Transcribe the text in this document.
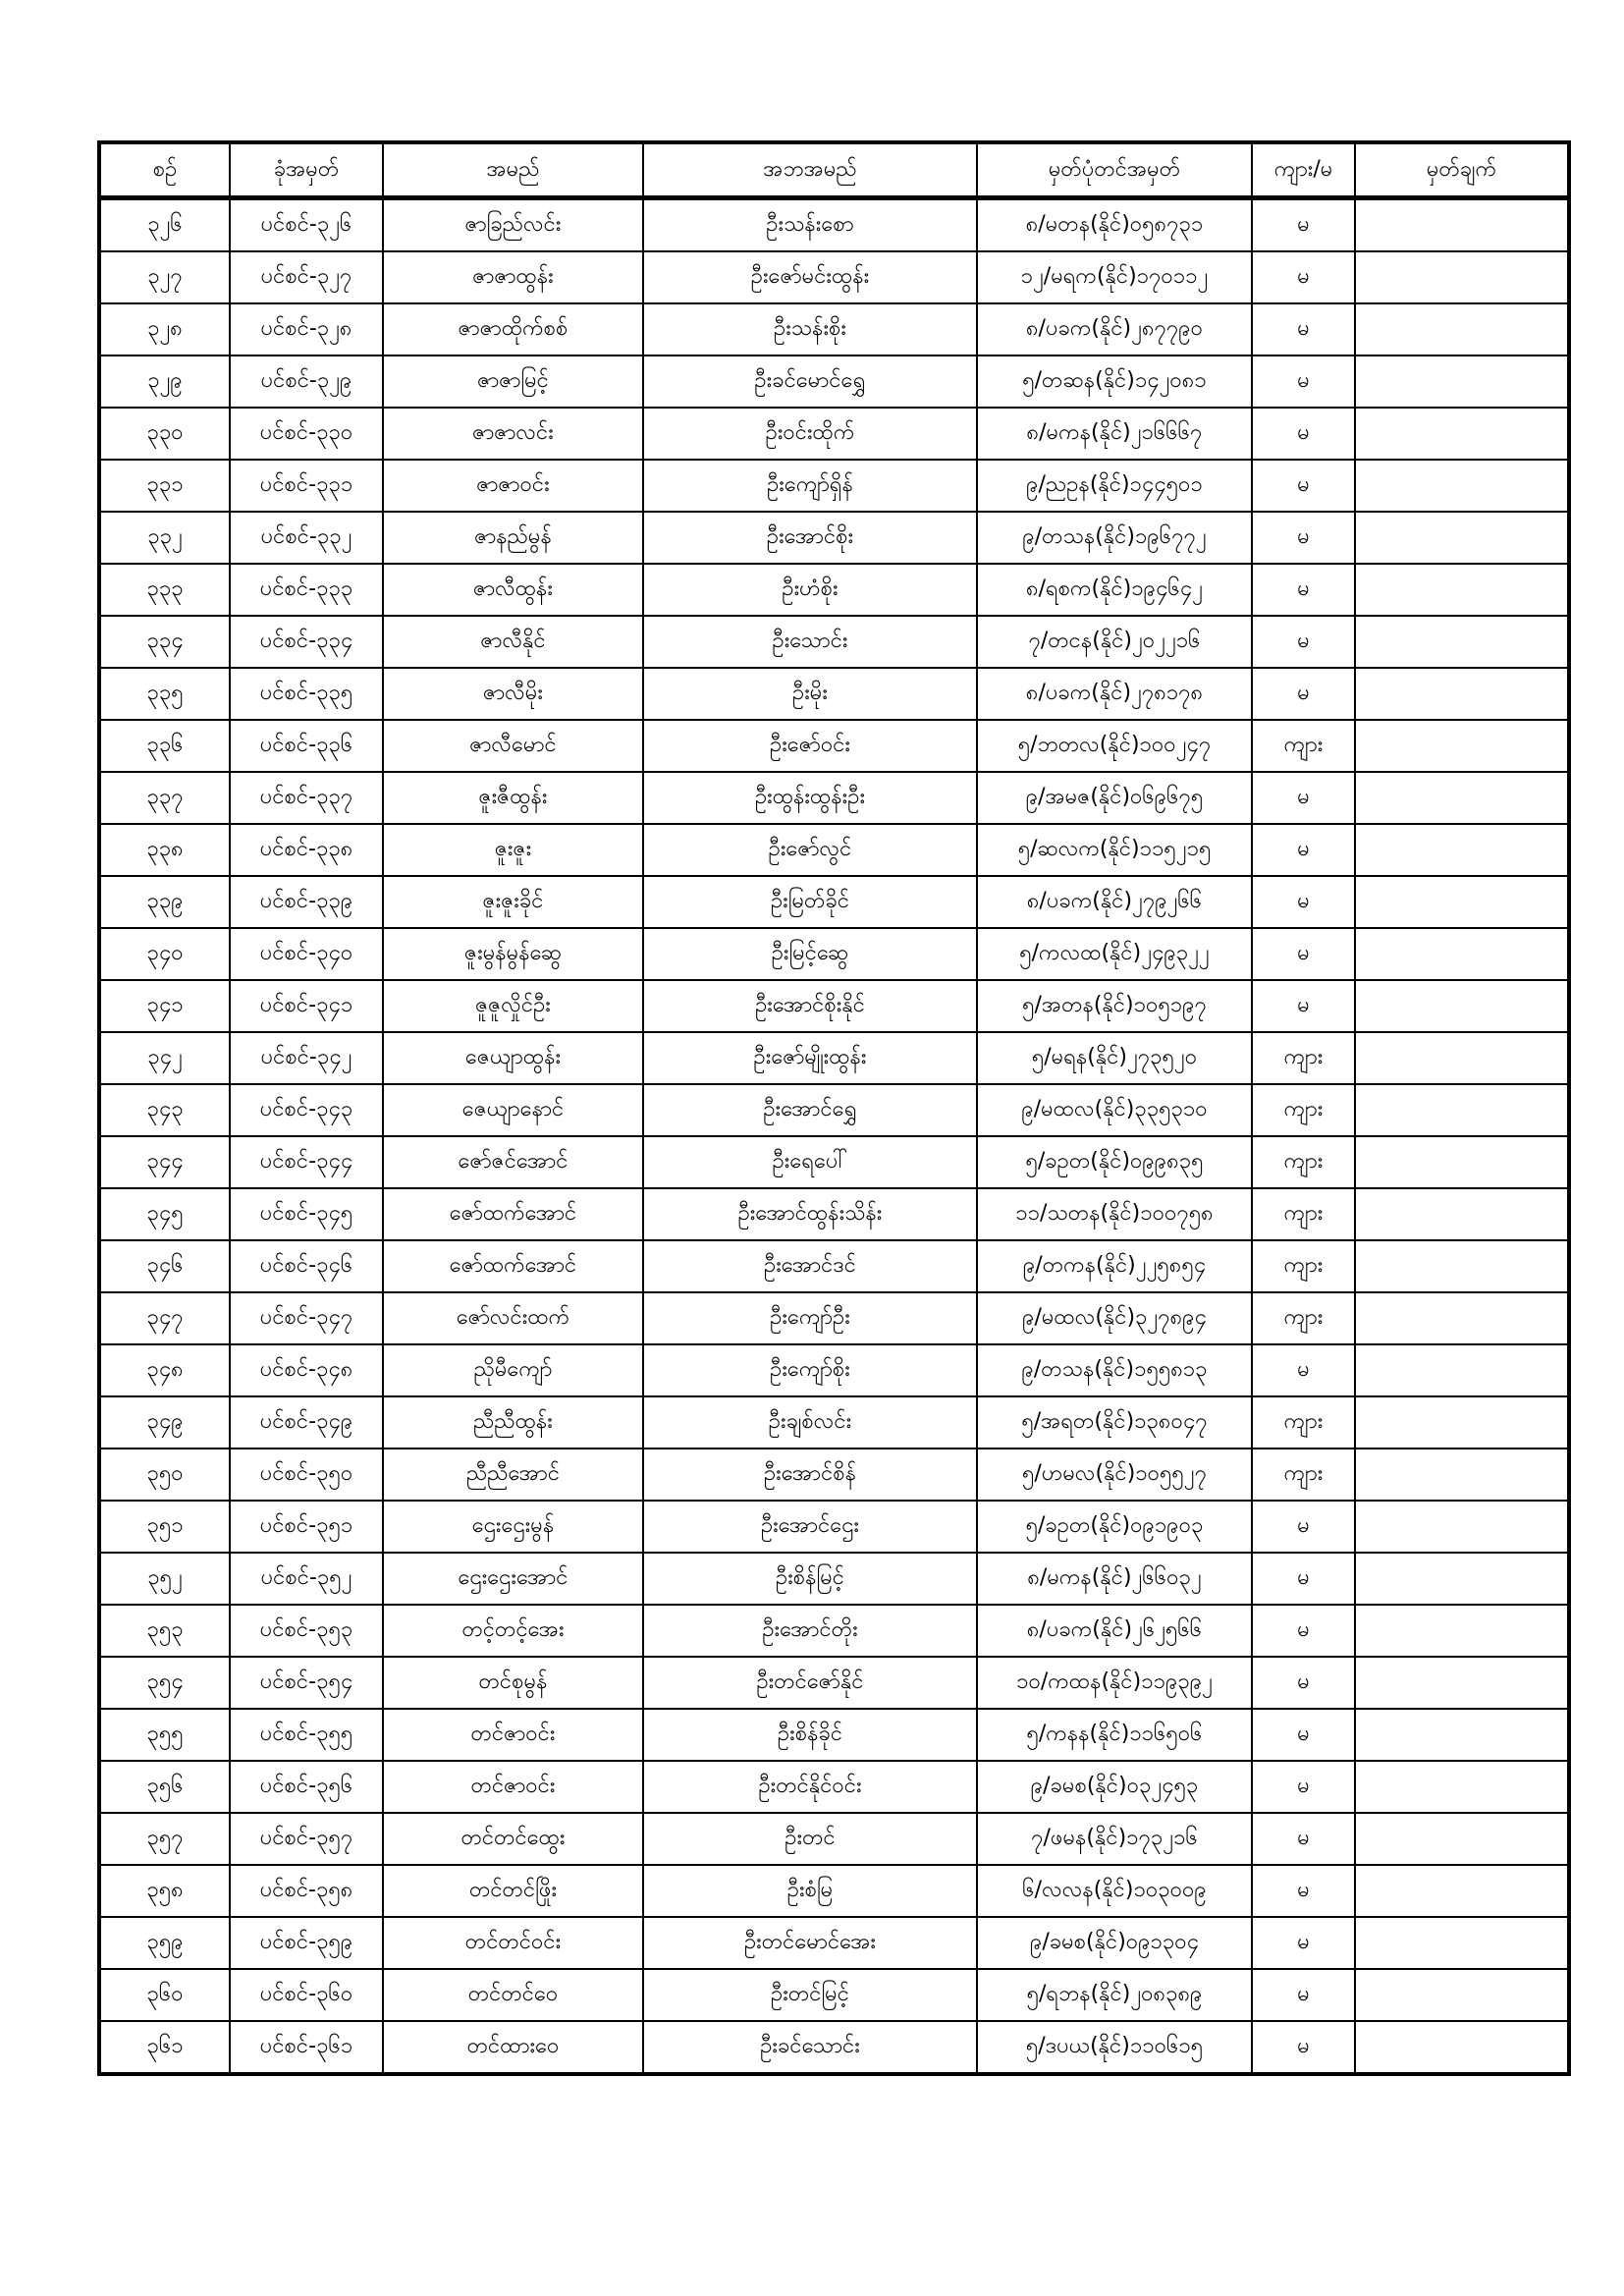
စဉ်	ခုံအမှတ်	အမည်	အဘအမည်	မှတ်ပုံတင်အမှတ်	ကျား/မ	မှတ်ချက်
၃၂၆	ပင်စင်-၃၂၆	ဇာခြည်လင်း	ဦးသန်းစော	၈/မတန(နိုင်)၀၅၈၇၃၁	မ	
၃၂၇	ပင်စင်-၃၂၇	ဇာဇာထွန်း	ဦးဇော်မင်းထွန်း	၁၂/မရက(နိုင်)၁၇၀၁၁၂	မ	
၃၂၈	ပင်စင်-၃၂၈	ဇာဇာထိုက်စစ်	ဦးသန်းစိုး	၈/ပခက(နိုင်)၂၈၇၇၉၀	မ	
၃၂၉	ပင်စင်-၃၂၉	ဇာဇာမြင့်	ဦးခင်မောင်ရွှေ	၅/တဆန(နိုင်)၁၄၂၀၈၁	မ	
၃၃၀	ပင်စင်-၃၃၀	ဇာဇာလင်း	ဦးဝင်းထိုက်	၈/မကန(နိုင်)၂၁၆၆၆၇	မ	
၃၃၁	ပင်စင်-၃၃၁	ဇာဇာဝင်း	ဦးကျော်ရှိန်	၉/ညဥန(နိုင်)၁၄၄၅၀၁	မ	
၃၃၂	ပင်စင်-၃၃၂	ဇာနည်မွန်	ဦးအောင်စိုး	၉/တသန(နိုင်)၁၉၆၇၇၂	မ	
၃၃၃	ပင်စင်-၃၃၃	ဇာလီထွန်း	ဦးဟံစိုး	၈/ရစက(နိုင်)၁၉၄၆၄၂	မ	
၃၃၄	ပင်စင်-၃၃၄	ဇာလီနိုင်	ဦးသောင်း	၇/တငန(နိုင်)၂၀၂၂၁၆	မ	
၃၃၅	ပင်စင်-၃၃၅	ဇာလီမိုး	ဦးမိုး	၈/ပခက(နိုင်)၂၇၈၁၇၈	မ	
၃၃၆	ပင်စင်-၃၃၆	ဇာလီမောင်	ဦးဇော်ဝင်း	၅/ဘတလ(နိုင်)၁၀၀၂၄၇	ကျား	
၃၃၇	ပင်စင်-၃၃၇	ဇူးဇီထွန်း	ဦးထွန်းထွန်းဦး	၉/အမဇ(နိုင်)၀၆၉၆၇၅	မ	
၃၃၈	ပင်စင်-၃၃၈	ဇူးဇူး	ဦးဇော်လွင်	၅/ဆလက(နိုင်)၁၁၅၂၁၅	မ	
၃၃၉	ပင်စင်-၃၃၉	ဇူးဇူးခိုင်	ဦးမြတ်ခိုင်	၈/ပခက(နိုင်)၂၇၉၂၆၆	မ	
၃၄၀	ပင်စင်-၃၄၀	ဇူးမွန်မွန်ဆွေ	ဦးမြင့်ဆွေ	၅/ကလထ(နိုင်)၂၄၉၃၂၂	မ	
၃၄၁	ပင်စင်-၃၄၁	ဇူဇူလှိုင်ဦး	ဦးအောင်စိုးနိုင်	၅/အတန(နိုင်)၁၀၅၁၉၇	မ	
၃၄၂	ပင်စင်-၃၄၂	ဇေယျာထွန်း	ဦးဇော်မျိုးထွန်း	၅/မရန(နိုင်)၂၇၃၅၂၀	ကျား	
၃၄၃	ပင်စင်-၃၄၃	ဇေယျာနောင်	ဦးအောင်ရွှေ	၉/မထလ(နိုင်)၃၃၅၃၁၀	ကျား	
၃၄၄	ပင်စင်-၃၄၄	ဇော်ဇင်အောင်	ဦးရေပေါ်	၅/ခဥတ(နိုင်)၀၉၉၈၃၅	ကျား	
၃၄၅	ပင်စင်-၃၄၅	ဇော်ထက်အောင်	ဦးအောင်ထွန်းသိန်း	၁၁/သတန(နိုင်)၁၀၀၇၅၈	ကျား	
၃၄၆	ပင်စင်-၃၄၆	ဇော်ထက်အောင်	ဦးအောင်ဒင်	၉/တကန(နိုင်)၂၂၅၈၅၄	ကျား	
၃၄၇	ပင်စင်-၃၄၇	ဇော်လင်းထက်	ဦးကျော်ဦး	၉/မထလ(နိုင်)၃၂၇၈၉၄	ကျား	
၃၄၈	ပင်စင်-၃၄၈	ညိုမီကျော်	ဦးကျော်စိုး	၉/တသန(နိုင်)၁၅၅၈၁၃	မ	
၃၄၉	ပင်စင်-၃၄၉	ညီညီထွန်း	ဦးချစ်လင်း	၅/အရတ(နိုင်)၁၃၈၀၄၇	ကျား	
၃၅၀	ပင်စင်-၃၅၀	ညီညီအောင်	ဦးအောင်စိန်	၅/ဟမလ(နိုင်)၁၀၅၅၂၇	ကျား	
၃၅၁	ပင်စင်-၃၅၁	ဌေးဌေးမွန်	ဦးအောင်ဌေး	၅/ခဥတ(နိုင်)၀၉၁၉၀၃	မ	
၃၅၂	ပင်စင်-၃၅၂	ဌေးဌေးအောင်	ဦးစိန်မြင့်	၈/မကန(နိုင်)၂၆၆၀၃၂	မ	
၃၅၃	ပင်စင်-၃၅၃	တင့်တင့်အေး	ဦးအောင်တိုး	၈/ပခက(နိုင်)၂၆၂၅၆၆	မ	
၃၅၄	ပင်စင်-၃၅၄	တင်စုမွန်	ဦးတင်ဇော်နိုင်	၁၀/ကထန(နိုင်)၁၁၉၃၉၂	မ	
၃၅၅	ပင်စင်-၃၅၅	တင်ဇာဝင်း	ဦးစိန်ခိုင်	၅/ကနန(နိုင်)၁၁၆၅၀၆	မ	
၃၅၆	ပင်စင်-၃၅၆	တင်ဇာဝင်း	ဦးတင်နိုင်ဝင်း	၉/ခမစ(နိုင်)၀၃၂၄၅၃	မ	
၃၅၇	ပင်စင်-၃၅၇	တင်တင်ထွေး	ဦးတင်	၇/ဖမန(နိုင်)၁၇၃၂၁၆	မ	
၃၅၈	ပင်စင်-၃၅၈	တင်တင်ဖြိုး	ဦးစံမြ	၆/လလန(နိုင်)၁၀၃၀၀၉	မ	
၃၅၉	ပင်စင်-၃၅၉	တင်တင်ဝင်း	ဦးတင်မောင်အေး	၉/ခမစ(နိုင်)၀၉၁၃၀၄	မ	
၃၆၀	ပင်စင်-၃၆၀	တင်တင်ဝေ	ဦးတင်မြင့်	၅/ရဘန(နိုင်)၂၀၈၃၈၉	မ	
၃၆၁	ပင်စင်-၃၆၁	တင်ထားဝေ	ဦးခင်သောင်း	၅/ဒပယ(နိုင်)၁၁၀၆၁၅	မ	
